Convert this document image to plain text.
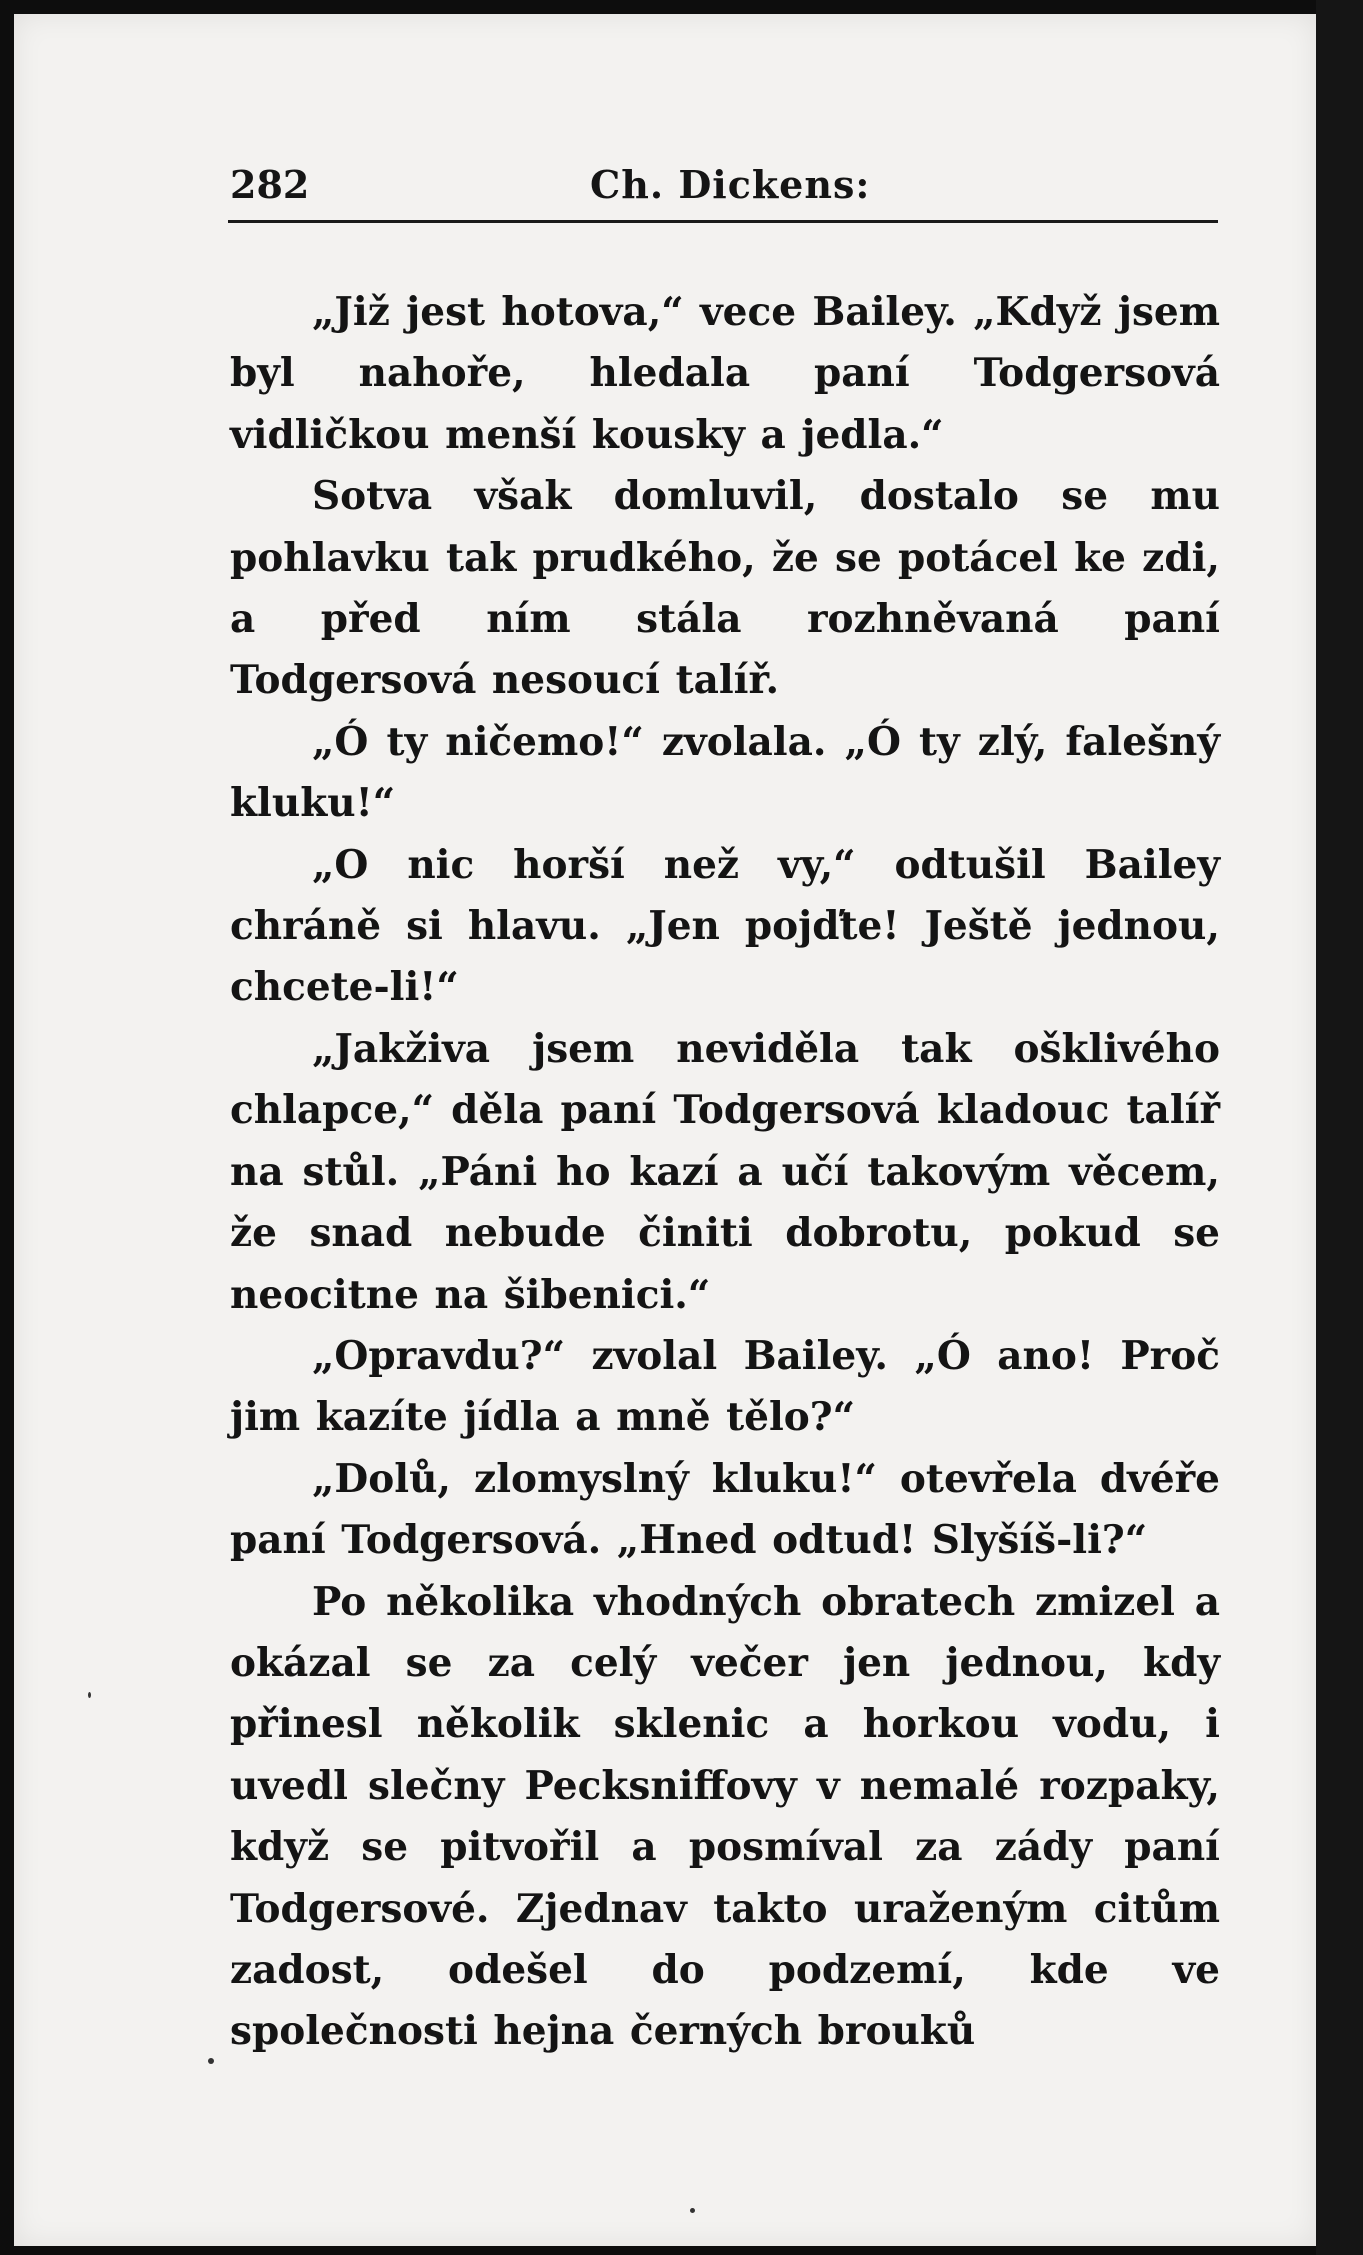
282	Ch. Dickens:

„Již jest hotova,“ vece Bailey. „Když jsem byl nahoře, hledala paní Todgersová vidličkou menší kousky a jedla.“

Sotva však domluvil, dostalo se mu pohlavku tak prudkého, že se potácel ke zdi, a před ním stála rozhněvaná paní Todgersová nesoucí talíř.

„Ó ty ničemo!“ zvolala. „Ó ty zlý, falešný kluku!“

„O nic horší než vy,“ odtušil Bailey chráně si hlavu. „Jen pojďte! Ještě jednou, chcete-li!“

„Jakživa jsem neviděla tak ošklivého chlapce,“ děla paní Todgersová kladouc talíř na stůl. „Páni ho kazí a učí takovým věcem, že snad nebude činiti dobrotu, pokud se neocitne na šibenici.“

„Opravdu?“ zvolal Bailey. „Ó ano! Proč jim kazíte jídla a mně tělo?“

„Dolů, zlomyslný kluku!“ otevřela dvéře paní Todgersová. „Hned odtud! Slyšíš-li?“

Po několika vhodných obratech zmizel a okázal se za celý večer jen jednou, kdy přinesl několik sklenic a horkou vodu, i uvedl slečny Pecksniffovy v nemalé rozpaky, když se pitvořil a posmíval za zády paní Todgersové. Zjednav takto uraženým citům zadost, odešel do podzemí, kde ve společnosti hejna černých brouků
